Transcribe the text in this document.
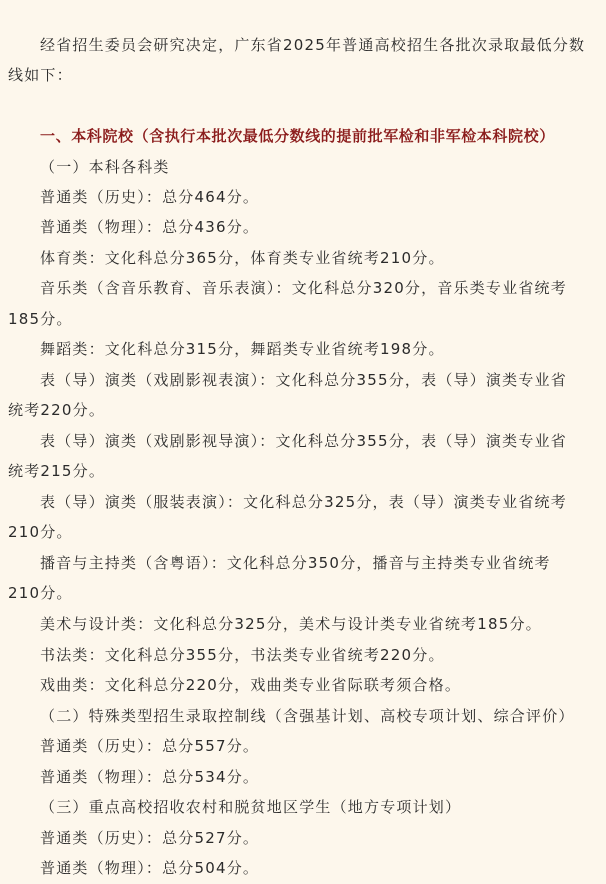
经省招生委员会研究决定，广东省2025年普通高校招生各批次录取最低分数
线如下：
一、本科院校（含执行本批次最低分数线的提前批军检和非军检本科院校）
（一）本科各科类
普通类（历史）：总分464分。
普通类（物理）：总分436分。
体育类：文化科总分365分，体育类专业省统考210分。
音乐类（含音乐教育、音乐表演）：文化科总分320分，音乐类专业省统考
185分。
舞蹈类：文化科总分315分，舞蹈类专业省统考198分。
表（导）演类（戏剧影视表演）：文化科总分355分，表（导）演类专业省
统考220分。
表（导）演类（戏剧影视导演）：文化科总分355分，表（导）演类专业省
统考215分。
表（导）演类（服装表演）：文化科总分325分，表（导）演类专业省统考
210分。
播音与主持类（含粤语）：文化科总分350分，播音与主持类专业省统考
210分。
美术与设计类：文化科总分325分，美术与设计类专业省统考185分。
书法类：文化科总分355分，书法类专业省统考220分。
戏曲类：文化科总分220分，戏曲类专业省际联考须合格。
（二）特殊类型招生录取控制线（含强基计划、高校专项计划、综合评价）
普通类（历史）：总分557分。
普通类（物理）：总分534分。
（三）重点高校招收农村和脱贫地区学生（地方专项计划）
普通类（历史）：总分527分。
普通类（物理）：总分504分。
